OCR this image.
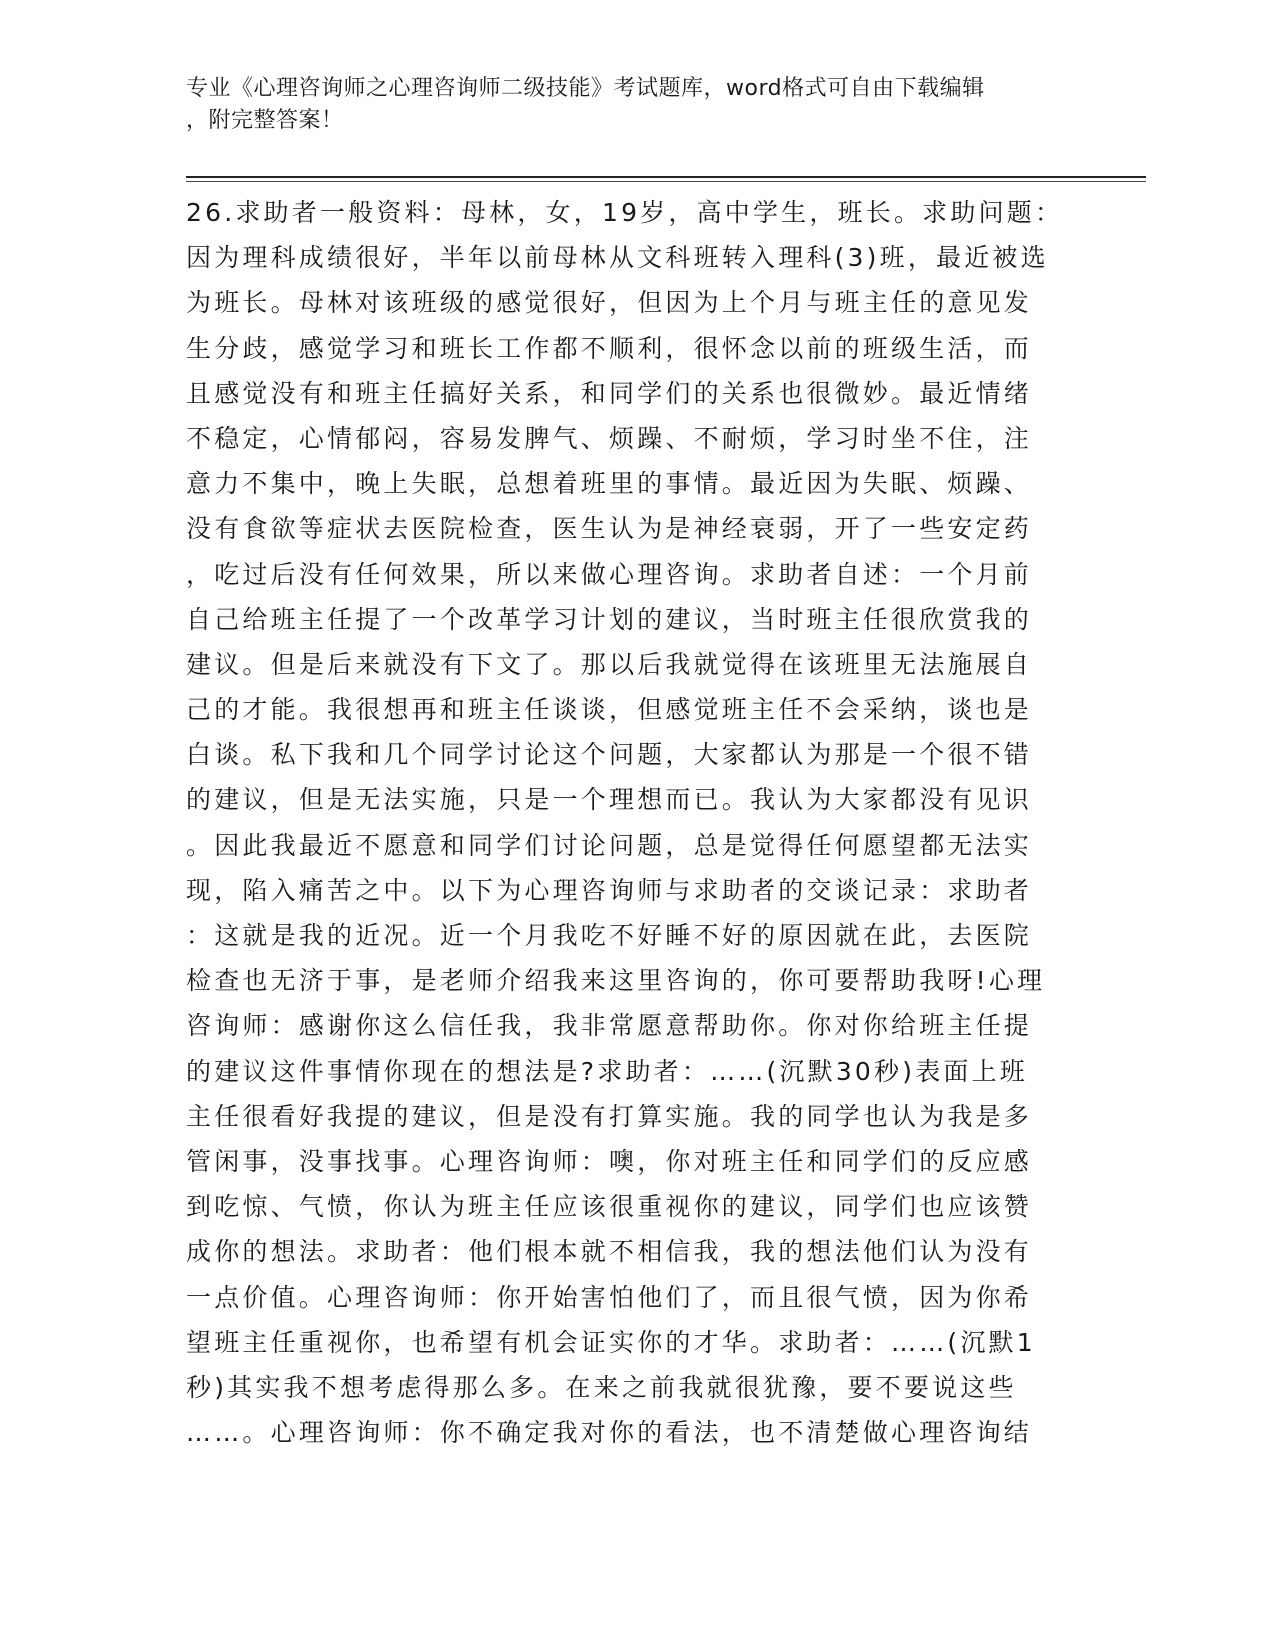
专业《心理咨询师之心理咨询师二级技能》考试题库，word格式可自由下载编辑
，附完整答案！
26.求助者一般资料：母林，女，19岁，高中学生，班长。求助问题：
因为理科成绩很好，半年以前母林从文科班转入理科(3)班，最近被选
为班长。母林对该班级的感觉很好，但因为上个月与班主任的意见发
生分歧，感觉学习和班长工作都不顺利，很怀念以前的班级生活，而
且感觉没有和班主任搞好关系，和同学们的关系也很微妙。最近情绪
不稳定，心情郁闷，容易发脾气、烦躁、不耐烦，学习时坐不住，注
意力不集中，晚上失眠，总想着班里的事情。最近因为失眠、烦躁、
没有食欲等症状去医院检查，医生认为是神经衰弱，开了一些安定药
，吃过后没有任何效果，所以来做心理咨询。求助者自述：一个月前
自己给班主任提了一个改革学习计划的建议，当时班主任很欣赏我的
建议。但是后来就没有下文了。那以后我就觉得在该班里无法施展自
己的才能。我很想再和班主任谈谈，但感觉班主任不会采纳，谈也是
白谈。私下我和几个同学讨论这个问题，大家都认为那是一个很不错
的建议，但是无法实施，只是一个理想而已。我认为大家都没有见识
。因此我最近不愿意和同学们讨论问题，总是觉得任何愿望都无法实
现，陷入痛苦之中。以下为心理咨询师与求助者的交谈记录：求助者
：这就是我的近况。近一个月我吃不好睡不好的原因就在此，去医院
检查也无济于事，是老师介绍我来这里咨询的，你可要帮助我呀!心理
咨询师：感谢你这么信任我，我非常愿意帮助你。你对你给班主任提
的建议这件事情你现在的想法是?求助者：……(沉默30秒)表面上班
主任很看好我提的建议，但是没有打算实施。我的同学也认为我是多
管闲事，没事找事。心理咨询师：噢，你对班主任和同学们的反应感
到吃惊、气愤，你认为班主任应该很重视你的建议，同学们也应该赞
成你的想法。求助者：他们根本就不相信我，我的想法他们认为没有
一点价值。心理咨询师：你开始害怕他们了，而且很气愤，因为你希
望班主任重视你，也希望有机会证实你的才华。求助者：……(沉默1
秒)其实我不想考虑得那么多。在来之前我就很犹豫，要不要说这些
……。心理咨询师：你不确定我对你的看法，也不清楚做心理咨询结
